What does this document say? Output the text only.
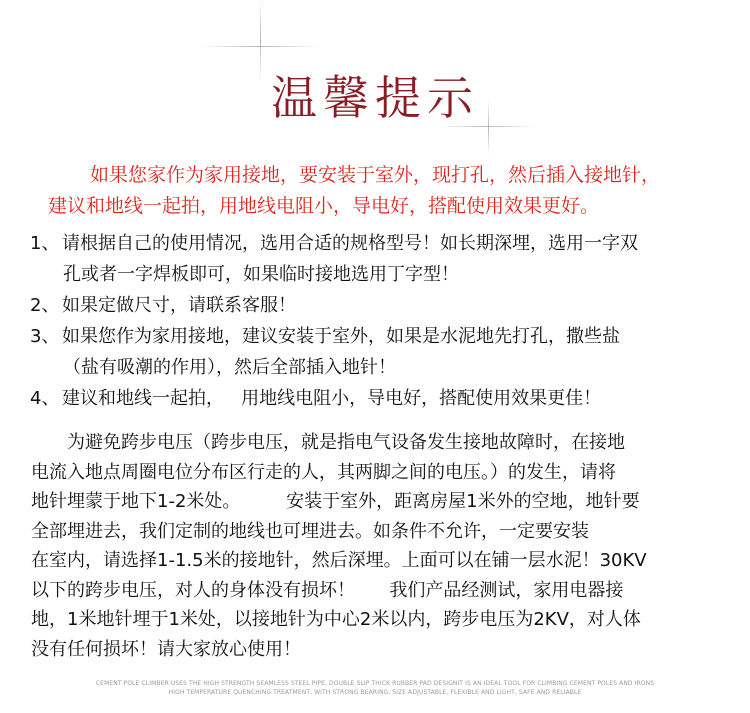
温馨提示

如果您家作为家用接地，要安装于室外，现打孔，然后插入接地针，

建议和地线一起拍，用地线电阻小，导电好，搭配使用效果更好。

1、 请根据自己的使用情况，选用合适的规格型号！如长期深埋，选用一字双
孔或者一字焊板即可，如果临时接地选用丁字型！
2、 如果定做尺寸，请联系客服！
3、 如果您作为家用接地，建议安装于室外，如果是水泥地先打孔，撒些盐
（盐有吸潮的作用），然后全部插入地针！
4、 建议和地线一起拍，   用地线电阻小，导电好，搭配使用效果更佳！

为避免跨步电压（跨步电压，就是指电气设备发生接地故障时，在接地

电流入地点周圈电位分布区行走的人，其两脚之间的电压。）的发生，请将

地针埋蒙于地下1-2米处。        安装于室外，距离房屋1米外的空地，地针要

全部埋进去，我们定制的地线也可埋进去。如条件不允许，一定要安装

在室内，请选择1-1.5米的接地针，然后深埋。上面可以在铺一层水泥！30KV

以下的跨步电压，对人的身体没有损坏！      我们产品经测试，家用电器接

地，1米地针埋于1米处，以接地针为中心2米以内，跨步电压为2KV，对人体

没有任何损坏！请大家放心使用！

CEMENT POLE CLIMBER USES THE HIGH STRENGTH SEAMLESS STEEL PIPE, DOUBLE SLIP THICK RUBBER PAD DESIGNIT IS AN IDEAL TOOL FOR CLIMBING CEMENT POLES AND IRONS
HIGH TEMPERATURE QUENCHING TREATMENT, WITH STRONG BEARING, SIZE ADJUSTABLE, FLEXIBLE AND LIGHT, SAFE AND RELIABLE
